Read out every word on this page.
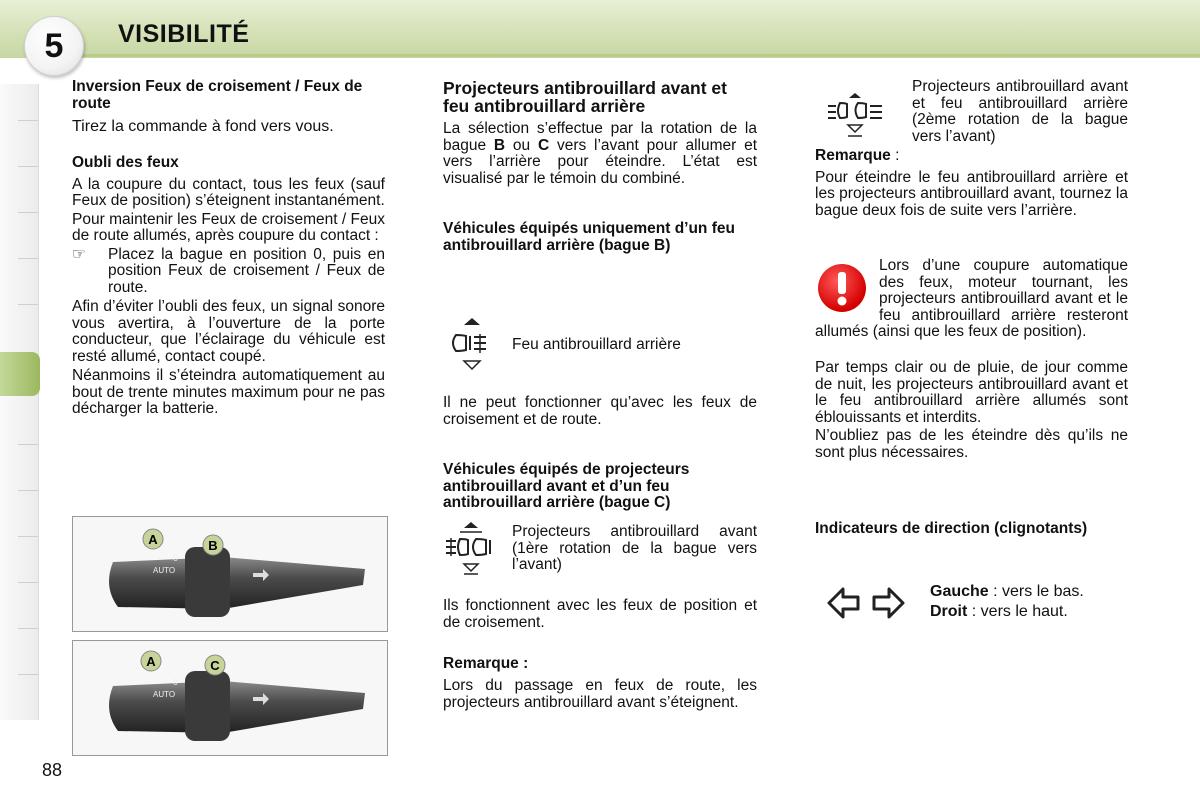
5	VISIBILITÉ

Inversion Feux de croisement / Feux de route

Tirez la commande à fond vers vous.

Oubli des feux

A la coupure du contact, tous les feux (sauf Feux de position) s’éteignent instantanément.

Pour maintenir les Feux de croisement / Feux de route allumés, après coupure du contact :

☞	Placez la bague en position 0, puis en position Feux de croisement / Feux de route.

Afin d’éviter l’oubli des feux, un signal sonore vous avertira, à l’ouverture de la porte conducteur, que l’éclairage du véhicule est resté allumé, contact coupé.

Néanmoins il s’éteindra automatiquement au bout de trente minutes maximum pour ne pas décharger la batterie.

A	B
AUTO
0
A	C
AUTO
0

Projecteurs antibrouillard avant et feu antibrouillard arrière

La sélection s’effectue par la rotation de la bague B ou C vers l’avant pour allumer et vers l’arrière pour éteindre. L’état est visualisé par le témoin du combiné.

Véhicules équipés uniquement d’un feu antibrouillard arrière (bague B)

Feu antibrouillard arrière
Il ne peut fonctionner qu’avec les feux de croisement et de route.
Véhicules équipés de projecteurs antibrouillard avant et d’un feu antibrouillard arrière (bague C)
Projecteurs antibrouillard avant (1ère rotation de la bague vers l’avant)
Ils fonctionnent avec les feux de position et de croisement.
Remarque :
Lors du passage en feux de route, les projecteurs antibrouillard avant s’éteignent.
Projecteurs antibrouillard avant et feu antibrouillard arrière (2ème rotation de la bague vers l’avant)

Remarque :

Pour éteindre le feu antibrouillard arrière et les projecteurs antibrouillard avant, tournez la bague deux fois de suite vers l’arrière.

Lors d’une coupure automatique des feux, moteur tournant, les projecteurs antibrouillard avant et le feu antibrouillard arrière resteront allumés (ainsi que les feux de position).

Par temps clair ou de pluie, de jour comme de nuit, les projecteurs antibrouillard avant et le feu antibrouillard arrière allumés sont éblouissants et interdits.

N’oubliez pas de les éteindre dès qu’ils ne sont plus nécessaires.

Indicateurs de direction (clignotants)

Gauche : vers le bas.

Droit : vers le haut.

88
